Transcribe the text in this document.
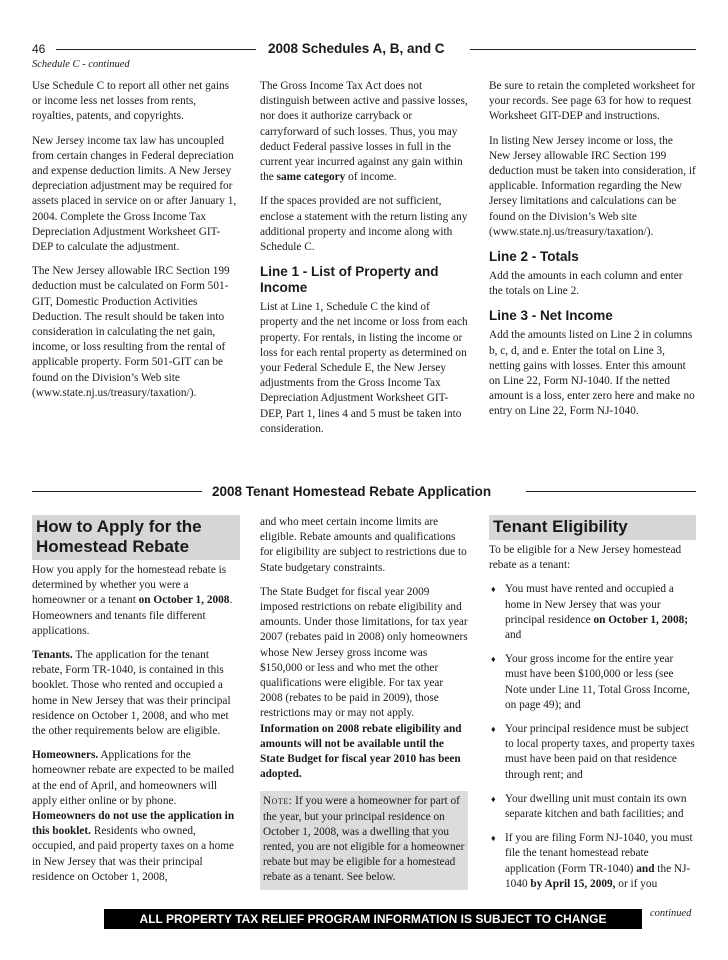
46	2008 Schedules A, B, and C
Schedule C - continued

Use Schedule C to report all other net gains or income less net losses from rents, royalties, patents, and copyrights.

New Jersey income tax law has uncoupled from certain changes in Federal depreciation and expense deduction limits. A New Jersey depreciation adjustment may be required for assets placed in service on or after January 1, 2004. Complete the Gross Income Tax Depreciation Adjustment Worksheet GIT-DEP to calculate the adjustment.

The New Jersey allowable IRC Section 199 deduction must be calculated on Form 501-GIT, Domestic Production Activities Deduction. The result should be taken into consideration in calculating the net gain, income, or loss resulting from the rental of applicable property. Form 501-GIT can be found on the Division’s Web site (www.state.nj.us/treasury/taxation/).

The Gross Income Tax Act does not distinguish between active and passive losses, nor does it authorize carryback or carryforward of such losses. Thus, you may deduct Federal passive losses in full in the current year incurred against any gain within the same category of income.

If the spaces provided are not sufficient, enclose a statement with the return listing any additional property and income along with Schedule C.

Line 1 - List of Property and Income

List at Line 1, Schedule C the kind of property and the net income or loss from each property. For rentals, in listing the income or loss for each rental property as determined on your Federal Schedule E, the New Jersey adjustments from the Gross Income Tax Depreciation Adjustment Worksheet GIT-DEP, Part 1, lines 4 and 5 must be taken into consideration.

Be sure to retain the completed worksheet for your records. See page 63 for how to request Worksheet GIT-DEP and instructions.

In listing New Jersey income or loss, the New Jersey allowable IRC Section 199 deduction must be taken into consideration, if applicable. Information regarding the New Jersey limitations and calculations can be found on the Division’s Web site (www.state.nj.us/treasury/taxation/).

Line 2 - Totals

Add the amounts in each column and enter the totals on Line 2.

Line 3 - Net Income

Add the amounts listed on Line 2 in columns b, c, d, and e. Enter the total on Line 3, netting gains with losses. Enter this amount on Line 22, Form NJ-1040. If the netted amount is a loss, enter zero here and make no entry on Line 22, Form NJ-1040.

2008 Tenant Homestead Rebate Application
How to Apply for the Homestead Rebate

How you apply for the homestead rebate is determined by whether you were a homeowner or a tenant on October 1, 2008. Homeowners and tenants file different applications.

Tenants. The application for the tenant rebate, Form TR-1040, is contained in this booklet. Those who rented and occupied a home in New Jersey that was their principal residence on October 1, 2008, and who met the other requirements below are eligible.

Homeowners. Applications for the homeowner rebate are expected to be mailed at the end of April, and homeowners will apply either online or by phone. Homeowners do not use the application in this booklet. Residents who owned, occupied, and paid property taxes on a home in New Jersey that was their principal residence on October 1, 2008,

and who meet certain income limits are eligible. Rebate amounts and qualifications for eligibility are subject to restrictions due to State budgetary constraints.

The State Budget for fiscal year 2009 imposed restrictions on rebate eligibility and amounts. Under those limitations, for tax year 2007 (rebates paid in 2008) only homeowners whose New Jersey gross income was $150,000 or less and who met the other qualifications were eligible. For tax year 2008 (rebates to be paid in 2009), those restrictions may or may not apply. Information on 2008 rebate eligibility and amounts will not be available until the State Budget for fiscal year 2010 has been adopted.

Note: If you were a homeowner for part of the year, but your principal residence on October 1, 2008, was a dwelling that you rented, you are not eligible for a homeowner rebate but may be eligible for a homestead rebate as a tenant. See below.
Tenant Eligibility

To be eligible for a New Jersey homestead rebate as a tenant:

♦ You must have rented and occupied a home in New Jersey that was your principal residence on October 1, 2008; and
♦ Your gross income for the entire year must have been $100,000 or less (see Note under Line 11, Total Gross Income, on page 49); and
♦ Your principal residence must be subject to local property taxes, and property taxes must have been paid on that residence through rent; and
♦ Your dwelling unit must contain its own separate kitchen and bath facilities; and
♦ If you are filing Form NJ-1040, you must file the tenant homestead rebate application (Form TR-1040) and the NJ-1040 by April 15, 2009, or if you
ALL PROPERTY TAX RELIEF PROGRAM INFORMATION IS SUBJECT TO CHANGE	continued
